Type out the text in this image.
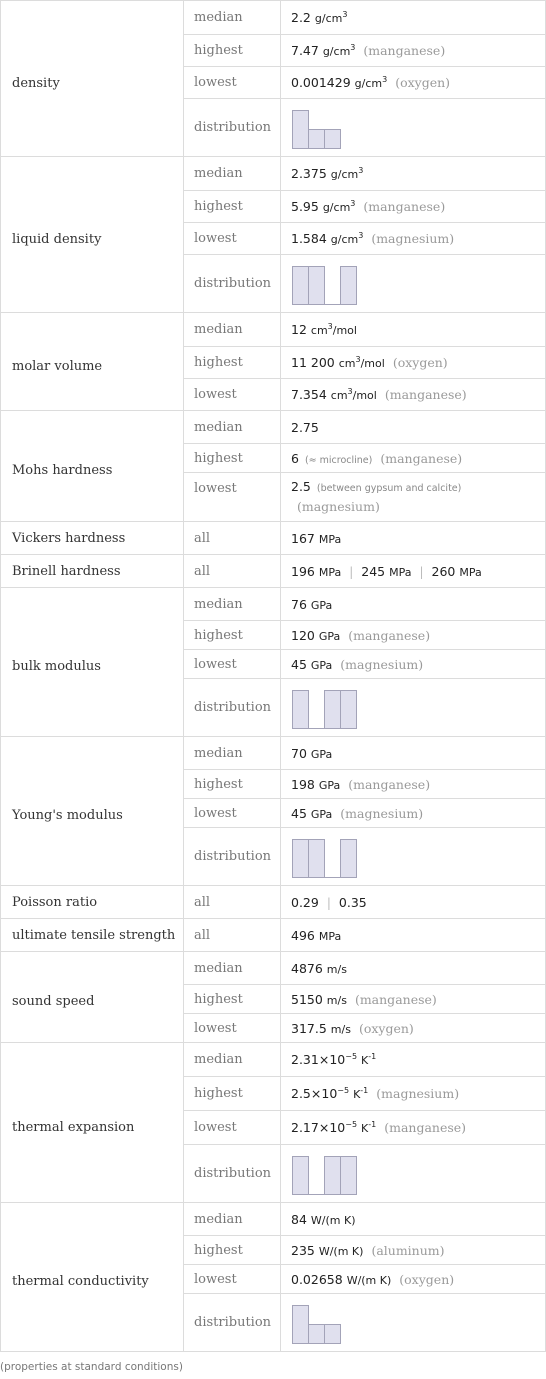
density	median	2.2 $g/cm^3$
	highest	7.47 $g/cm^3$ (manganese)
	lowest	0.001429 $g/cm^3$ (oxygen)
	distribution	

liquid density	median	2.375 $g/cm^3$
	highest	5.95 $g/cm^3$ (manganese)
	lowest	1.584 $g/cm^3$ (magnesium)
	distribution	

molar volume	median	12 $cm^3$/mol
	highest	11 200 $cm^3$/mol (oxygen)
	lowest	7.354 $cm^3$/mol (manganese)
Mohs hardness	median	2.75
	highest	6 (≈ microcline) (manganese)
	lowest	2.5 (between gypsum and calcite)
(magnesium)
Vickers hardness	all	167 MPa
Brinell hardness	all	196 MPa | 245 MPa | 260 MPa
bulk modulus	median	76 GPa
	highest	120 GPa (manganese)
	lowest	45 GPa (magnesium)
	distribution	

Young's modulus	median	70 GPa
	highest	198 GPa (manganese)
	lowest	45 GPa (magnesium)
	distribution	

Poisson ratio	all	0.29 | 0.35
ultimate tensile strength	all	496 MPa
sound speed	median	4876 m/s
	highest	5150 m/s (manganese)
	lowest	317.5 m/s (oxygen)
thermal expansion	median	$2.31\times 10^{-5}$ $K^{-1}$
	highest	$2.5\times 10^{-5}$ $K^{-1}$ (magnesium)
	lowest	$2.17\times 10^{-5}$ $K^{-1}$ (manganese)
	distribution	

thermal conductivity	median	84 W/(m K)
	highest	235 W/(m K) (aluminum)
	lowest	0.02658 W/(m K) (oxygen)
	distribution	
(properties at standard conditions)
